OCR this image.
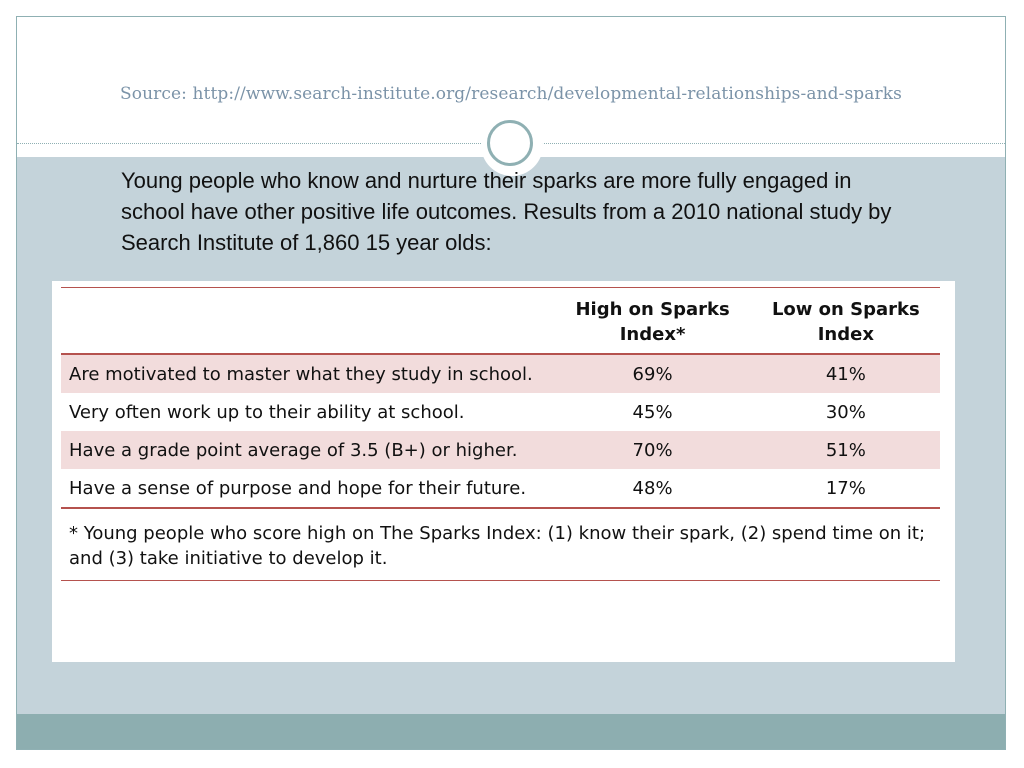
Source: http://www.search-institute.org/research/developmental-relationships-and-sparks
Young people who know and nurture their sparks are more fully engaged in school have other positive life outcomes. Results from a 2010 national study by Search Institute of 1,860 15 year olds:

	High on Sparks Index*	Low on Sparks Index
Are motivated to master what they study in school.	69%	41%
Very often work up to their ability at school.	45%	30%
Have a grade point average of 3.5 (B+) or higher.	70%	51%
Have a sense of purpose and hope for their future.	48%	17%
* Young people who score high on The Sparks Index: (1) know their spark, (2) spend time on it; and (3) take initiative to develop it.		
